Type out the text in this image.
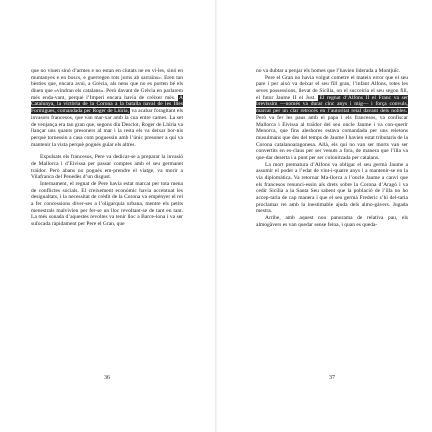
que no viuen sinó d’armes e no estan en ciutats ne en vi-les, sinó en muntanyes e en boscs, e guerregen tots jorns ab sarraïns». Eren tan bèsties que, encara avui, a Grècia, als nens que no es porten bé els diuen que «vindran els catalans». Però davant de Grècia en parlarem més enda-vant, perquè l’Imperi encara havia de créixer més. A Catalunya, la víctòria de la Corona a la batalla naval de les Illes Formigues, comandada per Roger de Llúria, va acabar foragitant els invasors francesos, que van mar-xar amb la cua entre cames. La set de venjança era tan gran que, segons diu Desclot, Roger de Llúria va llançar uns quants presoners al mar i la resta els va deixar bor-nis perquè tornessin a casa com poguessin amb l’únic presoner a qui va mantenir la vista perquè pogués guiar els altres.

Expulsats els francesos, Pere va dedicar-se a preparar la invasió de Mallorca i d’Eivissa per passar comptes amb el seu germanet traïdor. Però abans no pogués em-prendre el viatge, va morir a Vilafranca del Penedès d’un disgust.

Internament, el regnat de Pere havia estat marcat per tota mena de conflictes socials. El creixement econòmic havia accentuat les desigualtats, i la necessitat de crèdit de la Corona va empènyer el rei a fer concessions diver-ses a l’oligarquia urbana, mentre els petits menestrals malvivien per fer-se un lloc revoltant-se de tant en tant. La més sonada d’aquestes revoltes va tenir lloc a Barce-lona i va ser sufocada ràpidament per Pere el Gran, que

36

no va dubtar a penjar els homes que l’havien liderada a Montjuïc.

Pere el Gran no havia volgut cometre el mateix error que el seu pare i per això va deixar el seu fill gran, l’infant Alfons, totes les seves possessions, llevat de Sicília, on el succeiria el seu segon fill, el futur Jaume II el Just. El regnat d’Alfons II el Franc va ser brevíssim —només va durar cinc anys i mig— i força convuls, marcat per un clar retrocés en l’autoritat reial davant dels nobles. Però va fer les paus amb el papa i els francesos, va confiscar Mallorca i Eivissa al traïdor del seu oncle Jaume i va con-querir Menorca, que fins aleshores estava comandada per uns reietons musulmans que des del temps de Jaume I havien estat tributaris de la Corona catalanoaragonesa. Allà, els qui no van ser morts van ser convertits en es-claus per ser venuts a fora, de manera que l’illa va que-dar deserta i a punt per ser colonitzada per catalans.

La mort prematura d’Alfons va obligar el seu germà Jaume a assumir el poder a l’edat de vint-i-quatre anys i a mantenir-se en la via diplomàtica. Va retornar Ma-llorca a l’oncle Jaume a canvi que els francesos renunci-essin als drets sobre la Corona d’Aragó i va cedir Sicília a la Santa Seu sabent que la població de l’illa no ho accep-taria de cap manera i que el seu germà Frederic s’hi del-taria proclamar rei amb la inestimable ajuda dels almo-gàvers. Jugada mestra.

Arribe, amb aquest nou panorama de relativa pau, els almogàvers es van quedar sense feina, i quan es queda-

37
